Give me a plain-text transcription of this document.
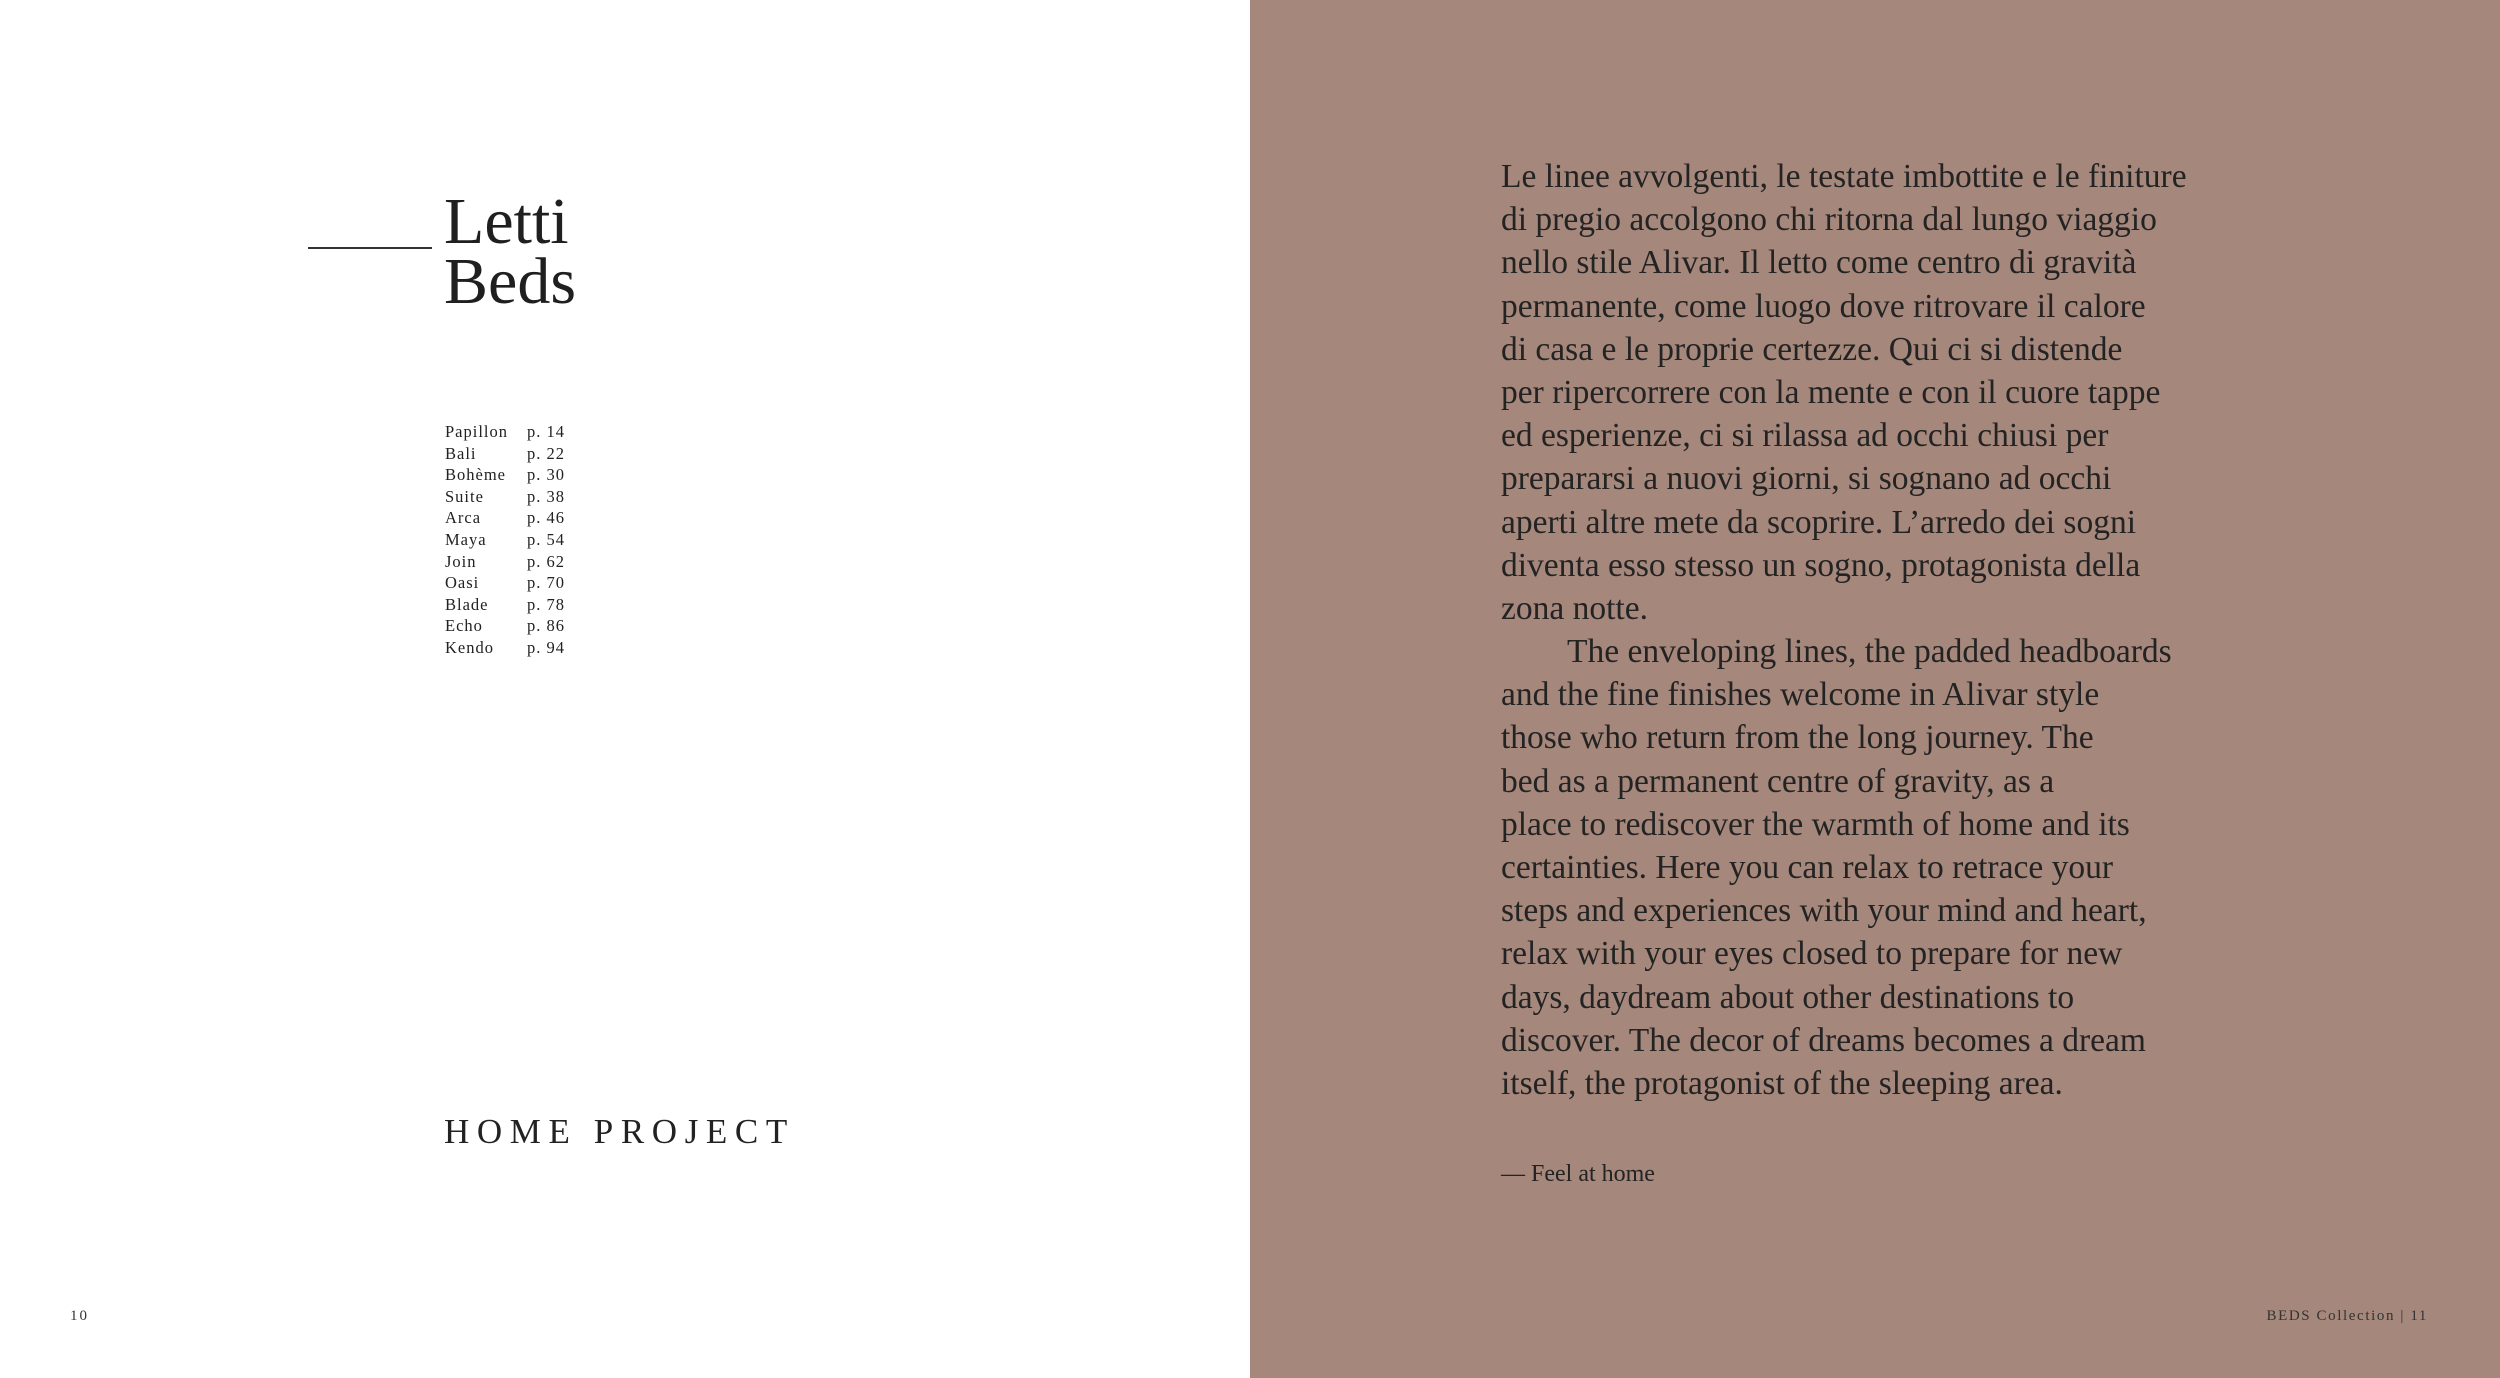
Letti
Beds
Papillon p. 14
Bali	p. 22
Bohème p. 30
Suite	p. 38
Arca	p. 46
Maya p. 54
Join	p. 62
Oasi	p. 70
Blade p. 78
Echo	p. 86
Kendo p. 94
HOME PROJECT
10	BEDS Collection | 11
Le linee avvolgenti, le testate imbottite e le finiture
di pregio accolgono chi ritorna dal lungo viaggio
nello stile Alivar. Il letto come centro di gravità
permanente, come luogo dove ritrovare il calore
di casa e le proprie certezze. Qui ci si distende
per ripercorrere con la mente e con il cuore tappe
ed esperienze, ci si rilassa ad occhi chiusi per
prepararsi a nuovi giorni, si sognano ad occhi
aperti altre mete da scoprire. L’arredo dei sogni
diventa esso stesso un sogno, protagonista della
zona notte.
The enveloping lines, the padded headboards
and the fine finishes welcome in Alivar style
those who return from the long journey. The
bed as a permanent centre of gravity, as a
place to rediscover the warmth of home and its
certainties. Here you can relax to retrace your
steps and experiences with your mind and heart,
relax with your eyes closed to prepare for new
days, daydream about other destinations to
discover. The decor of dreams becomes a dream
itself, the protagonist of the sleeping area.
— Feel at home
